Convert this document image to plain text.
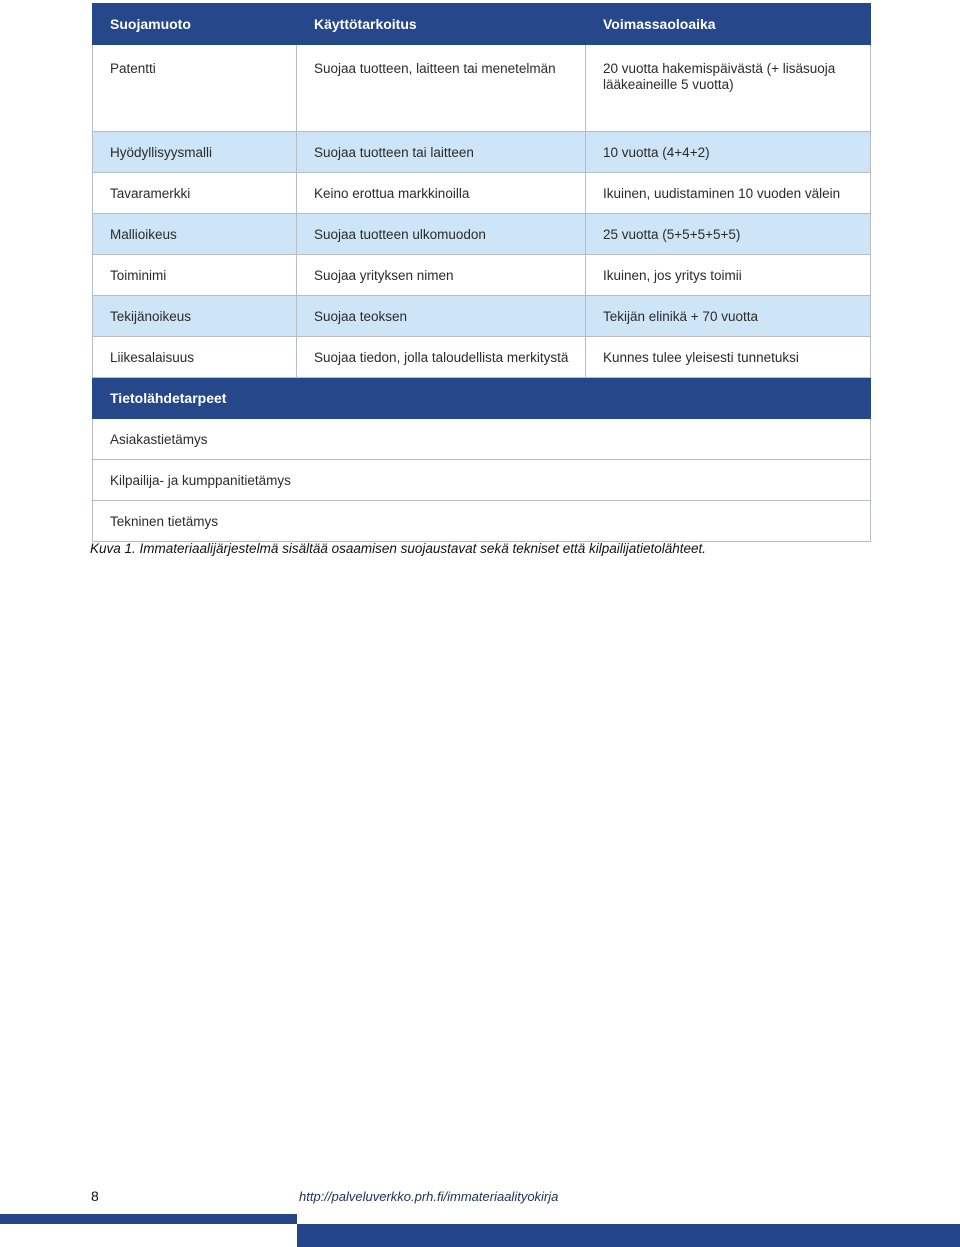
Suojamuoto	Käyttötarkoitus	Voimassaoloaika
Patentti	Suojaa tuotteen, laitteen tai menetelmän	20 vuotta hakemispäivästä (+ lisäsuoja lääkeaineille 5 vuotta)
Hyödyllisyysmalli	Suojaa tuotteen tai laitteen	10 vuotta (4+4+2)
Tavaramerkki	Keino erottua markkinoilla	Ikuinen, uudistaminen 10 vuoden välein
Mallioikeus	Suojaa tuotteen ulkomuodon	25 vuotta (5+5+5+5+5)
Toiminimi	Suojaa yrityksen nimen	Ikuinen, jos yritys toimii
Tekijänoikeus	Suojaa teoksen	Tekijän elinikä + 70 vuotta
Liikesalaisuus	Suojaa tiedon, jolla taloudellista merkitystä	Kunnes tulee yleisesti tunnetuksi
Tietolähdetarpeet		
Asiakastietämys		
Kilpailija- ja kumppanitietämys		
Tekninen tietämys		
Kuva 1. Immateriaalijärjestelmä sisältää osaamisen suojaustavat sekä tekniset että kilpailijatietolähteet.
8	http://palveluverkko.prh.fi/immateriaalityokirja
